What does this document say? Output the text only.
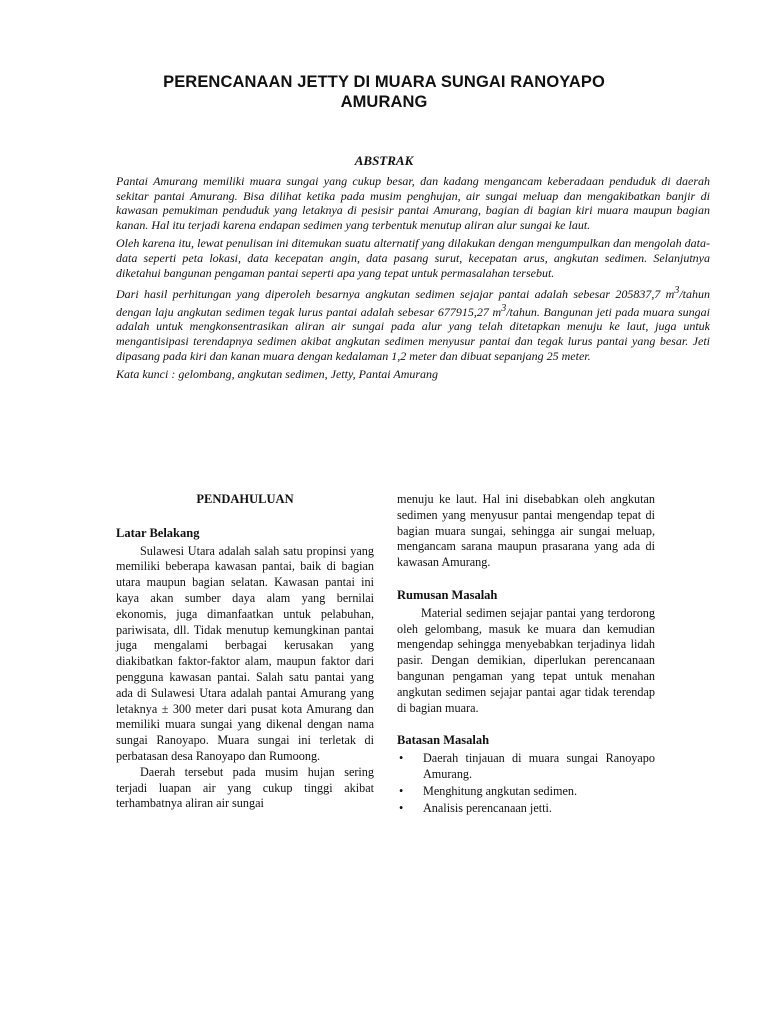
PERENCANAAN JETTY DI MUARA SUNGAI RANOYAPO AMURANG
ABSTRAK

Pantai Amurang memiliki muara sungai yang cukup besar, dan kadang mengancam keberadaan penduduk di daerah sekitar pantai Amurang. Bisa dilihat ketika pada musim penghujan, air sungai meluap dan mengakibatkan banjir di kawasan pemukiman penduduk yang letaknya di pesisir pantai Amurang, bagian di bagian kiri muara maupun bagian kanan. Hal itu terjadi karena endapan sedimen yang terbentuk menutup aliran alur sungai ke laut.

Oleh karena itu, lewat penulisan ini ditemukan suatu alternatif yang dilakukan dengan mengumpulkan dan mengolah data-data seperti peta lokasi, data kecepatan angin, data pasang surut, kecepatan arus, angkutan sedimen. Selanjutnya diketahui bangunan pengaman pantai seperti apa yang tepat untuk permasalahan tersebut.

Dari hasil perhitungan yang diperoleh besarnya angkutan sedimen sejajar pantai adalah sebesar 205837,7 $m^3$/tahun dengan laju angkutan sedimen tegak lurus pantai adalah sebesar 677915,27 $m^3$/tahun. Bangunan jeti pada muara sungai adalah untuk mengkonsentrasikan aliran air sungai pada alur yang telah ditetapkan menuju ke laut, juga untuk mengantisipasi terendapnya sedimen akibat angkutan sedimen menyusur pantai dan tegak lurus pantai yang besar. Jeti dipasang pada kiri dan kanan muara dengan kedalaman 1,2 meter dan dibuat sepanjang 25 meter.

Kata kunci : gelombang, angkutan sedimen, Jetty, Pantai Amurang

PENDAHULUAN
Latar Belakang

Sulawesi Utara adalah salah satu propinsi yang memiliki beberapa kawasan pantai, baik di bagian utara maupun bagian selatan. Kawasan pantai ini kaya akan sumber daya alam yang bernilai ekonomis, juga dimanfaatkan untuk pelabuhan, pariwisata, dll. Tidak menutup kemungkinan pantai juga mengalami berbagai kerusakan yang diakibatkan faktor-faktor alam, maupun faktor dari pengguna kawasan pantai. Salah satu pantai yang ada di Sulawesi Utara adalah pantai Amurang yang letaknya ± 300 meter dari pusat kota Amurang dan memiliki muara sungai yang dikenal dengan nama sungai Ranoyapo. Muara sungai ini terletak di perbatasan desa Ranoyapo dan Rumoong.

Daerah tersebut pada musim hujan sering terjadi luapan air yang cukup tinggi akibat terhambatnya aliran air sungai

menuju ke laut. Hal ini disebabkan oleh angkutan sedimen yang menyusur pantai mengendap tepat di bagian muara sungai, sehingga air sungai meluap, mengancam sarana maupun prasarana yang ada di kawasan Amurang.

Rumusan Masalah

Material sedimen sejajar pantai yang terdorong oleh gelombang, masuk ke muara dan kemudian mengendap sehingga menyebabkan terjadinya lidah pasir. Dengan demikian, diperlukan perencanaan bangunan pengaman yang tepat untuk menahan angkutan sedimen sejajar pantai agar tidak terendap di bagian muara.

Batasan Masalah
• Daerah tinjauan di muara sungai Ranoyapo Amurang.
• Menghitung angkutan sedimen.
• Analisis perencanaan jetti.
